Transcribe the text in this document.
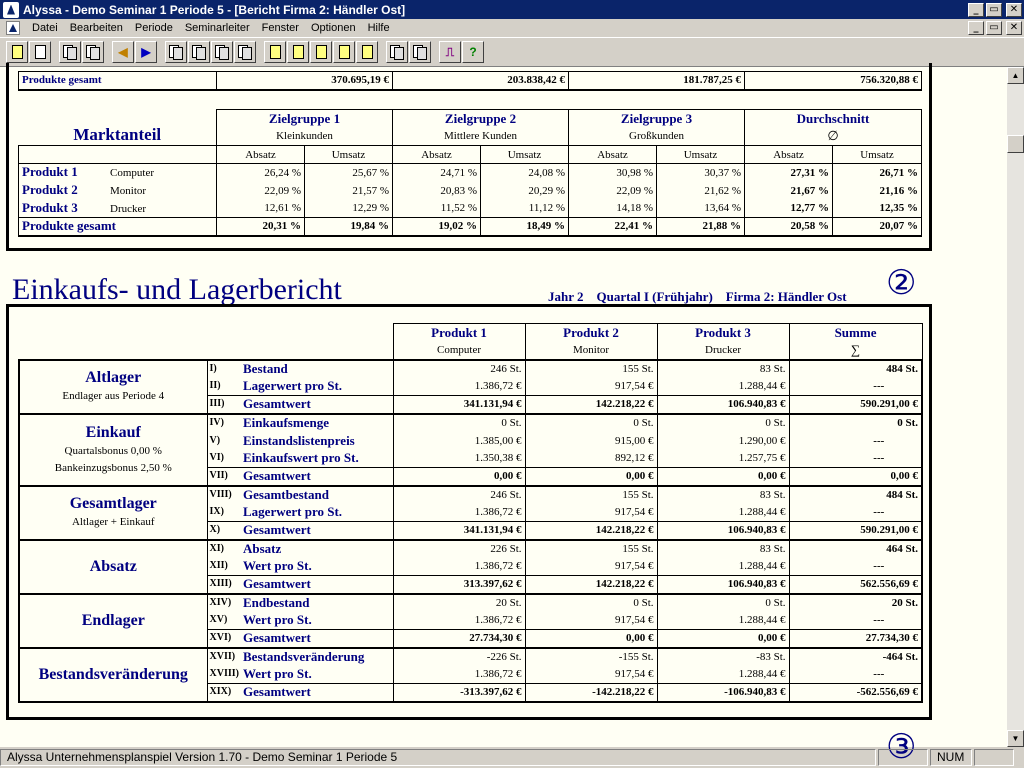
Alyssa - Demo Seminar 1 Periode 5 - [Bericht Firma 2: Händler Ost]	_	▭	✕
Datei	Bearbeiten	Periode	Seminarleiter	Fenster	Optionen	Hilfe	_	▭	✕
◀	▶	⎍	?
Produkte gesamt	370.695,19 €	203.838,42 €	181.787,25 €	756.320,88 €
Marktanteil	Zielgruppe 1		Zielgruppe 2		Zielgruppe 3		Durchschnitt	
	Kleinkunden		Mittlere Kunden		Großkunden		∅	
	Absatz	Umsatz	Absatz	Umsatz	Absatz	Umsatz	Absatz	Umsatz
Produkt 1 Computer	26,24 %	25,67 %	24,71 %	24,08 %	30,98 %	30,37 %	27,31 %	26,71 %
Produkt 2 Monitor	22,09 %	21,57 %	20,83 %	20,29 %	22,09 %	21,62 %	21,67 %	21,16 %
Produkt 3 Drucker	12,61 %	12,29 %	11,52 %	11,12 %	14,18 %	13,64 %	12,77 %	12,35 %
Produkte gesamt	20,31 %	19,84 %	19,02 %	18,49 %	22,41 %	21,88 %	20,58 %	20,07 %
Einkaufs- und Lagerbericht	Jahr 2 Quartal I (Frühjahr) Firma 2: Händler Ost ②
			Produkt 1	Produkt 2	Produkt 3	Summe
			Computer	Monitor	Drucker	∑

Altlager
Endlager aus Periode 4	I)	Bestand	246 St.	155 St.	83 St.	484 St.
	II)	Lagerwert pro St.	1.386,72 €	917,54 €	1.288,44 €	---
	III)	Gesamtwert	341.131,94 €	142.218,22 €	106.940,83 €	590.291,00 €

Einkauf
Quartalsbonus 0,00 %
Bankeinzugsbonus 2,50 %	IV)	Einkaufsmenge	0 St.	0 St.	0 St.	0 St.
	V)	Einstandslistenpreis	1.385,00 €	915,00 €	1.290,00 €	---
	VI)	Einkaufswert pro St.	1.350,38 €	892,12 €	1.257,75 €	---
	VII)	Gesamtwert	0,00 €	0,00 €	0,00 €	0,00 €

Gesamtlager
Altlager + Einkauf	VIII)	Gesamtbestand	246 St.	155 St.	83 St.	484 St.
	IX)	Lagerwert pro St.	1.386,72 €	917,54 €	1.288,44 €	---
	X)	Gesamtwert	341.131,94 €	142.218,22 €	106.940,83 €	590.291,00 €

Absatz	XI)	Absatz	226 St.	155 St.	83 St.	464 St.
	XII)	Wert pro St.	1.386,72 €	917,54 €	1.288,44 €	---
	XIII)	Gesamtwert	313.397,62 €	142.218,22 €	106.940,83 €	562.556,69 €

Endlager	XIV)	Endbestand	20 St.	0 St.	0 St.	20 St.
	XV)	Wert pro St.	1.386,72 €	917,54 €	1.288,44 €	---
	XVI)	Gesamtwert	27.734,30 €	0,00 €	0,00 €	27.734,30 €

Bestandsveränderung	XVII)	Bestandsveränderung	-226 St.	-155 St.	-83 St.	-464 St.
	XVIII)	Wert pro St.	1.386,72 €	917,54 €	1.288,44 €	---
	XIX)	Gesamtwert	-313.397,62 €	-142.218,22 €	-106.940,83 €	-562.556,69 €
③
▲
▼
Alyssa Unternehmensplanspiel Version 1.70 - Demo Seminar 1 Periode 5	NUM
